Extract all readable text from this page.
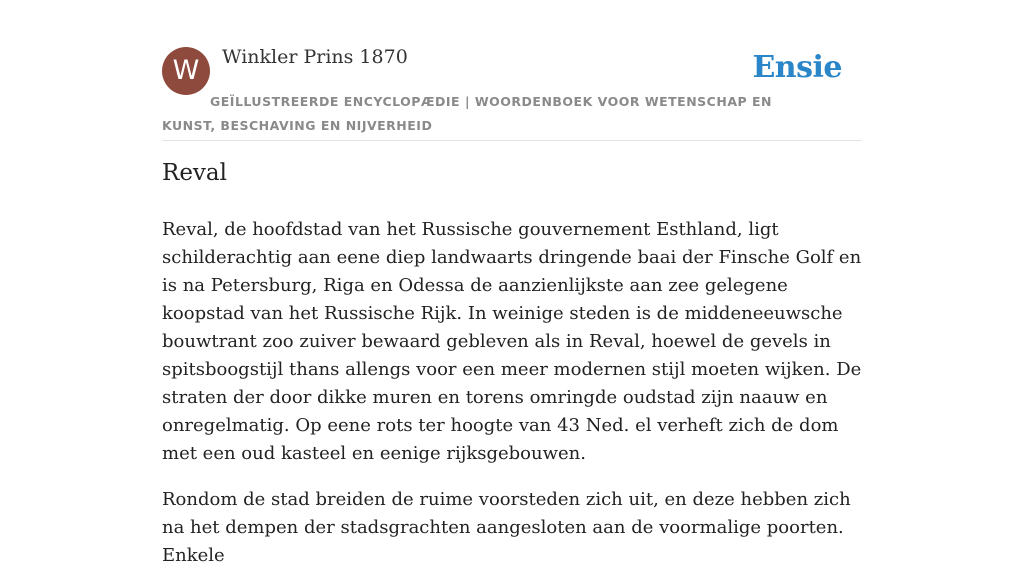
W	Winkler Prins 1870	Ensie
GEÏLLUSTREERDE ENCYCLOPÆDIE | WOORDENBOEK VOOR WETENSCHAP EN KUNST, BESCHAVING EN NIJVERHEID
Reval

Reval, de hoofdstad van het Russische gouvernement Esthland, ligt schilderachtig aan eene diep landwaarts dringende baai der Finsche Golf en is na Petersburg, Riga en Odessa de aanzienlijkste aan zee gelegene koopstad van het Russische Rijk. In weinige steden is de middeneeuwsche bouwtrant zoo zuiver bewaard gebleven als in Reval, hoewel de gevels in spitsboogstijl thans allengs voor een meer modernen stijl moeten wijken. De straten der door dikke muren en torens omringde oudstad zijn naauw en onregelmatig. Op eene rots ter hoogte van 43 Ned. el verheft zich de dom met een oud kasteel en eenige rijksgebouwen.

Rondom de stad breiden de ruime voorsteden zich uit, en deze hebben zich na het dempen der stadsgrachten aangesloten aan de voormalige poorten. Enkele
